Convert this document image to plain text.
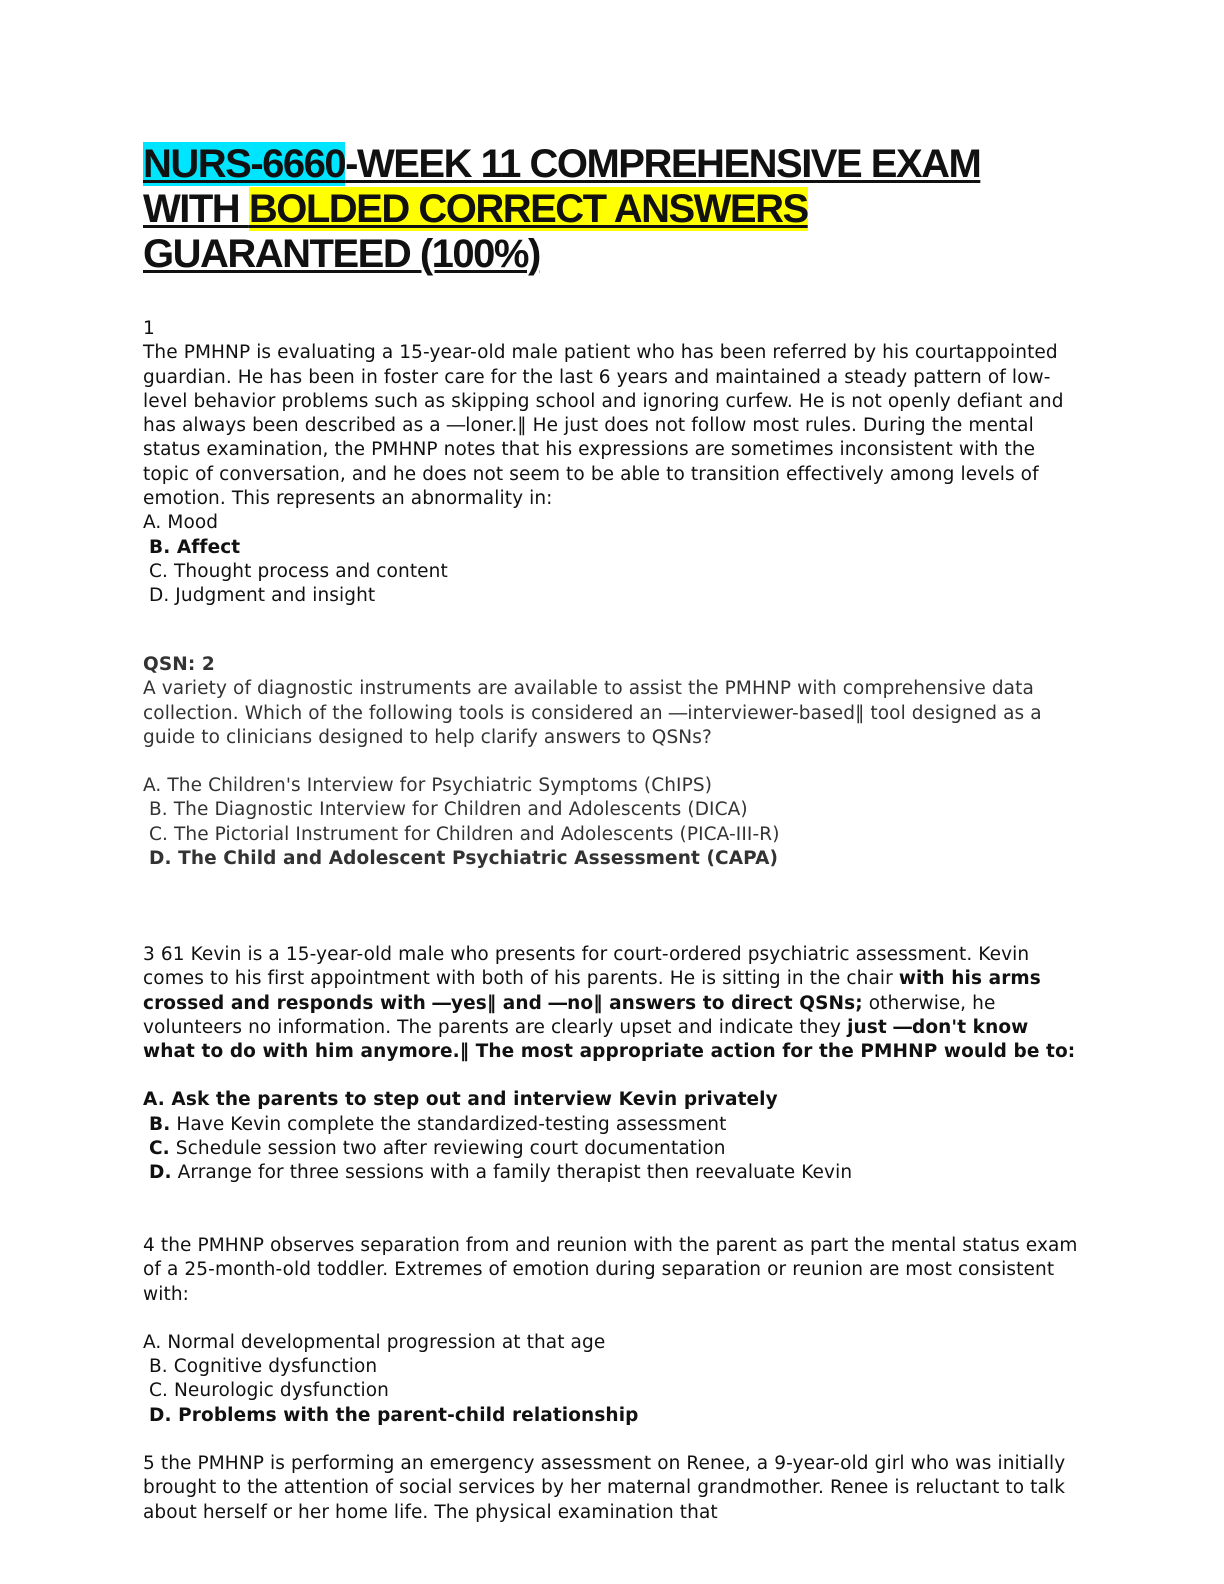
NURS-6660-WEEK 11 COMPREHENSIVE EXAM WITH BOLDED CORRECT ANSWERS GUARANTEED (100%)
1
The PMHNP is evaluating a 15-year-old male patient who has been referred by his courtappointed guardian. He has been in foster care for the last 6 years and maintained a steady pattern of low-level behavior problems such as skipping school and ignoring curfew. He is not openly defiant and has always been described as a ―loner.‖ He just does not follow most rules. During the mental status examination, the PMHNP notes that his expressions are sometimes inconsistent with the topic of conversation, and he does not seem to be able to transition effectively among levels of emotion. This represents an abnormality in:
A. Mood
B. Affect
C. Thought process and content
D. Judgment and insight
QSN: 2
A variety of diagnostic instruments are available to assist the PMHNP with comprehensive data collection. Which of the following tools is considered an ―interviewer-based‖ tool designed as a guide to clinicians designed to help clarify answers to QSNs?
A. The Children's Interview for Psychiatric Symptoms (ChIPS)
B. The Diagnostic Interview for Children and Adolescents (DICA)
C. The Pictorial Instrument for Children and Adolescents (PICA-III-R)
D. The Child and Adolescent Psychiatric Assessment (CAPA)
3 61 Kevin is a 15-year-old male who presents for court-ordered psychiatric assessment. Kevin comes to his first appointment with both of his parents. He is sitting in the chair with his arms crossed and responds with ―yes‖ and ―no‖ answers to direct QSNs; otherwise, he volunteers no information. The parents are clearly upset and indicate they just ―don't know what to do with him anymore.‖ The most appropriate action for the PMHNP would be to:
A. Ask the parents to step out and interview Kevin privately
B. Have Kevin complete the standardized-testing assessment
C. Schedule session two after reviewing court documentation
D. Arrange for three sessions with a family therapist then reevaluate Kevin
4 the PMHNP observes separation from and reunion with the parent as part the mental status exam of a 25-month-old toddler. Extremes of emotion during separation or reunion are most consistent with:
A. Normal developmental progression at that age
B. Cognitive dysfunction
C. Neurologic dysfunction
D. Problems with the parent-child relationship
5 the PMHNP is performing an emergency assessment on Renee, a 9-year-old girl who was initially brought to the attention of social services by her maternal grandmother. Renee is reluctant to talk about herself or her home life. The physical examination that
